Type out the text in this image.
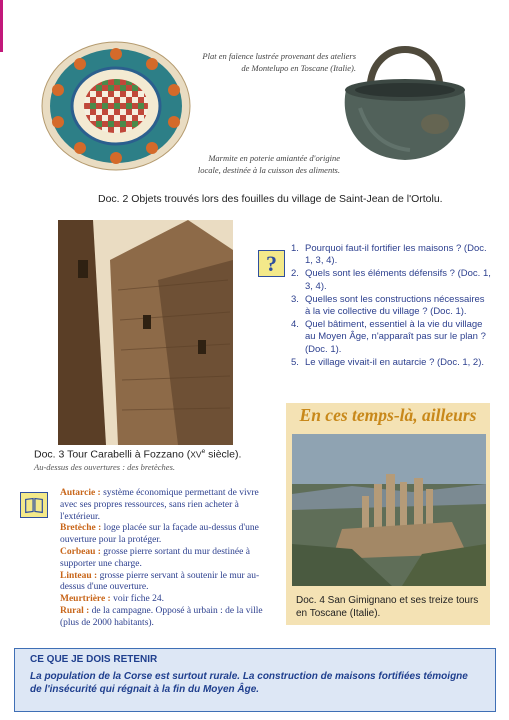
Plat en faïence lustrée provenant des ateliers de Montelupo en Toscane (Italie).
Marmite en poterie amiantée d'origine locale, destinée à la cuisson des aliments.
Doc. 2 Objets trouvés lors des fouilles du village de Saint-Jean de l'Ortolu.
Doc. 3 Tour Carabelli à Fozzano (XVe siècle).
Au-dessus des ouvertures : des bretèches.
?
1. Pourquoi faut-il fortifier les maisons ? (Doc. 1, 3, 4).
2. Quels sont les éléments défensifs ? (Doc. 1, 3, 4).
3. Quelles sont les constructions nécessaires à la vie collective du village ? (Doc. 1).
4. Quel bâtiment, essentiel à la vie du village au Moyen Âge, n'apparaît pas sur le plan ? (Doc. 1).
5. Le village vivait-il en autarcie ? (Doc. 1, 2).
En ces temps-là, ailleurs
Doc. 4 San Gimignano et ses treize tours en Toscane (Italie).

Autarcie : système économique permettant de vivre avec ses propres ressources, sans rien acheter à l'extérieur.

Bretèche : loge placée sur la façade au-dessus d'une ouverture pour la protéger.

Corbeau : grosse pierre sortant du mur destinée à supporter une charge.

Linteau : grosse pierre servant à soutenir le mur au-dessus d'une ouverture.

Meurtrière : voir fiche 24.

Rural : de la campagne. Opposé à urbain : de la ville (plus de 2000 habitants).

CE QUE JE DOIS RETENIR
La population de la Corse est surtout rurale. La construction de maisons fortifiées témoigne de l'insécurité qui régnait à la fin du Moyen Âge.
